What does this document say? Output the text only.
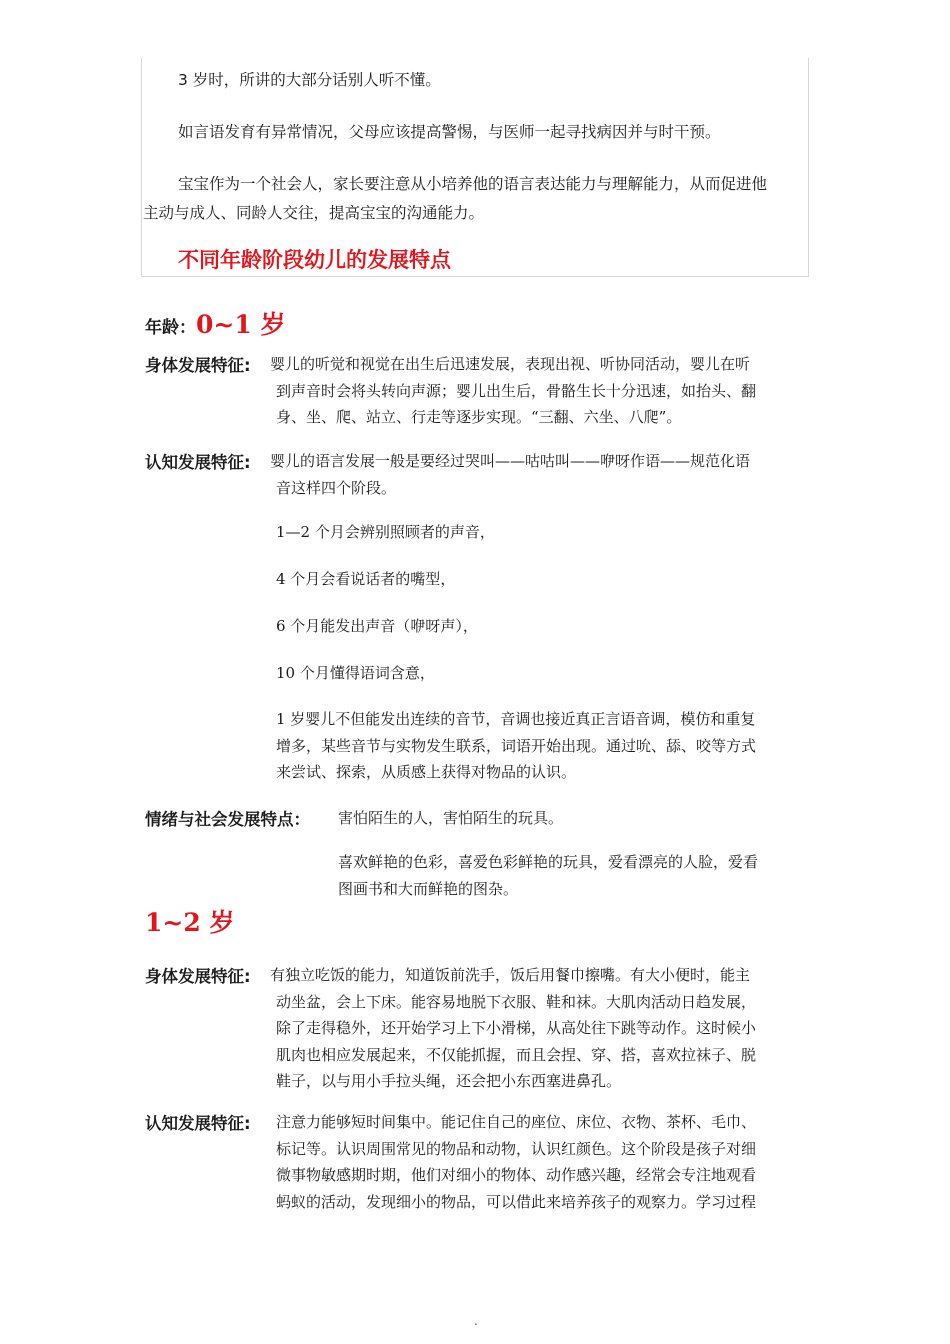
3 岁时，所讲的大部分话别人听不懂。
如言语发育有异常情况，父母应该提高警惕，与医师一起寻找病因并与时干预。
宝宝作为一个社会人，家长要注意从小培养他的语言表达能力与理解能力，从而促进他
主动与成人、同龄人交往，提高宝宝的沟通能力。
不同年龄阶段幼儿的发展特点
年龄：0~1 岁
身体发展特征: 婴儿的听觉和视觉在出生后迅速发展，表现出视、听协同活动，婴儿在听
到声音时会将头转向声源；婴儿出生后，骨骼生长十分迅速，如抬头、翻
身、坐、爬、站立、行走等逐步实现。“三翻、六坐、八爬”。
认知发展特征: 婴儿的语言发展一般是要经过哭叫——咕咕叫——咿呀作语——规范化语
音这样四个阶段。
1—2 个月会辨别照顾者的声音，
4 个月会看说话者的嘴型，
6 个月能发出声音（咿呀声），
10 个月懂得语词含意，
1 岁婴儿不但能发出连续的音节，音调也接近真正言语音调，模仿和重复
增多，某些音节与实物发生联系，词语开始出现。通过吮、舔、咬等方式
来尝试、探索，从质感上获得对物品的认识。
情绪与社会发展特点： 害怕陌生的人，害怕陌生的玩具。
喜欢鲜艳的色彩，喜爱色彩鲜艳的玩具，爱看漂亮的人脸，爱看
图画书和大而鲜艳的图杂。
1~2 岁
身体发展特征: 有独立吃饭的能力，知道饭前洗手，饭后用餐巾擦嘴。有大小便时，能主
动坐盆，会上下床。能容易地脱下衣服、鞋和袜。大肌肉活动日趋发展，
除了走得稳外，还开始学习上下小滑梯，从高处往下跳等动作。这时候小
肌肉也相应发展起来，不仅能抓握，而且会捏、穿、搭，喜欢拉袜子、脱
鞋子，以与用小手拉头绳，还会把小东西塞进鼻孔。
认知发展特征: 注意力能够短时间集中。能记住自己的座位、床位、衣物、茶杯、毛巾、
标记等。认识周围常见的物品和动物，认识红颜色。这个阶段是孩子对细
微事物敏感期时期，他们对细小的物体、动作感兴趣，经常会专注地观看
蚂蚁的活动，发现细小的物品，可以借此来培养孩子的观察力。学习过程
.
